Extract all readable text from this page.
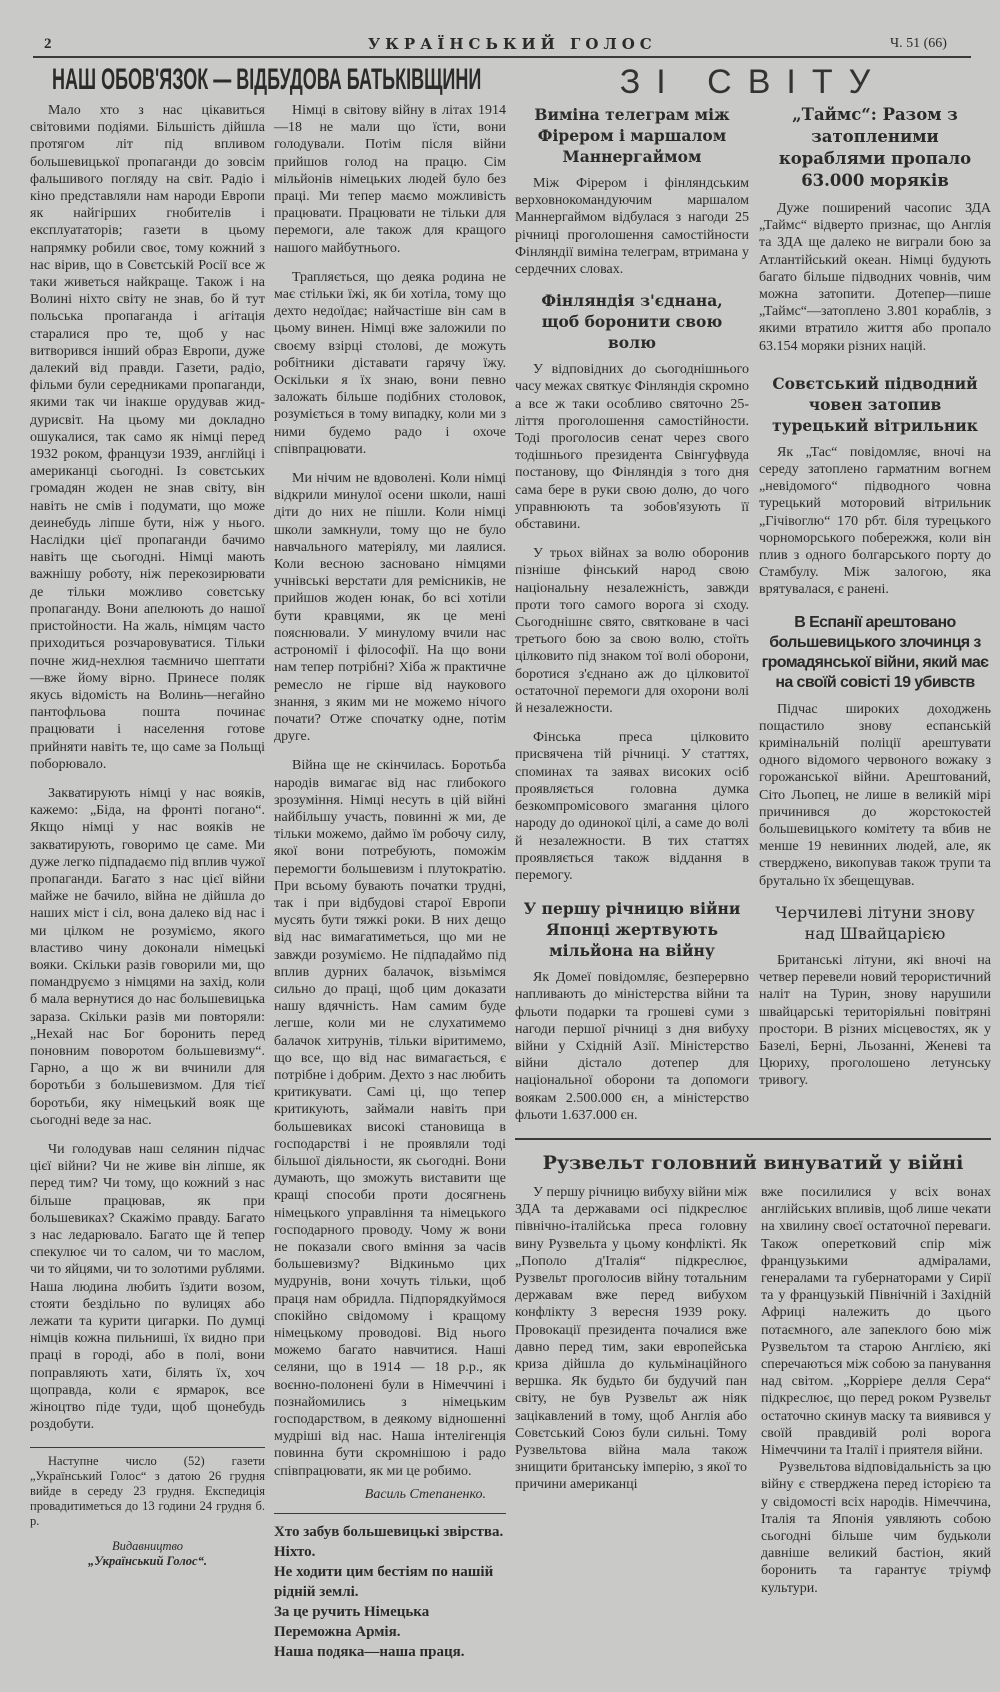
2	УКРАЇНСЬКИЙ ГОЛОС	Ч. 51 (66)
НАШ ОБОВ'ЯЗОК — ВІДБУДОВА БАТЬКІВЩИНИ

Мало хто з нас цікавиться світовими подіями. Більшість дійшла протягом літ під впливом большевицької пропаганди до зовсім фальшивого погляду на світ. Радіо і кіно представляли нам народи Европи як найгірших гнобителів і експлуататорів; газети в цьому напрямку робили своє, тому кожний з нас вірив, що в Совєтській Росії все ж таки живеться найкраще. Також і на Волині ніхто світу не знав, бо й тут польська пропаганда і агітація старалися про те, щоб у нас витворився інший образ Европи, дуже далекий від правди. Газети, радіо, фільми були середниками пропаганди, якими так чи інакше орудував жид-дурисвіт. На цьому ми докладно ошукалися, так само як німці перед 1932 роком, французи 1939, англійці і американці сьогодні. Із совєтських громадян жоден не знав світу, він навіть не смів і подумати, що може деинебудь ліпше бути, ніж у нього. Наслідки цієї пропаганди бачимо навіть ще сьогодні. Німці мають важнішу роботу, ніж перекозирювати де тільки можливо совєтську пропаганду. Вони апелюють до нашої пристойности. На жаль, німцям часто приходиться розчаровуватися. Тільки почне жид-нехлюя таємничо шептати—вже йому вірно. Принесе поляк якусь відомість на Волинь—негайно пантофльова пошта починає працювати і населення готове прийняти навіть те, що саме за Польщі поборювало.

Закватирують німці у нас вояків, кажемо: „Біда, на фронті погано“. Якщо німці у нас вояків не закватирують, говоримо це саме. Ми дуже легко підпадаємо під вплив чужої пропаганди. Багато з нас цієї війни майже не бачило, війна не дійшла до наших міст і сіл, вона далеко від нас і ми цілком не розуміємо, якого властиво чину доконали німецькі вояки. Скільки разів говорили ми, що помандруємо з німцями на захід, коли б мала вернутися до нас большевицька зараза. Скільки разів ми повторяли: „Нехай нас Бог боронить перед поновним поворотом большевизму“. Гарно, а що ж ви вчинили для боротьби з большевизмом. Для тієї боротьби, яку німецький вояк ще сьогодні веде за нас.

Чи голодував наш селянин підчас цієї війни? Чи не живе він ліпше, як перед тим? Чи тому, що кожний з нас більше працював, як при большевиках? Скажімо правду. Багато з нас ледарювало. Багато ще й тепер спекулює чи то салом, чи то маслом, чи то яйцями, чи то золотими рублями. Наша людина любить їздити возом, стояти бездільно по вулицях або лежати та курити цигарки. По думці німців кожна пильниші, їх видно при праці в городі, або в полі, вони поправляють хати, білять їх, хоч щоправда, коли є ярмарок, все жіноцтво піде туди, щоб щонебудь роздобути.

Наступне число (52) газети „Український Голос“ з датою 26 грудня вийде в середу 23 грудня. Експедиція провадитиметься до 13 години 24 грудня б. р.
Видавництво
„Український Голос“.

Німці в світову війну в літах 1914—18 не мали що їсти, вони голодували. Потім після війни прийшов голод на працю. Сім мільйонів німецьких людей було без праці. Ми тепер маємо можливість працювати. Працювати не тільки для перемоги, але також для кращого нашого майбутнього.

Трапляється, що деяка родина не має стільки їжі, як би хотіла, тому що дехто недоїдає; найчастіше він сам в цьому винен. Німці вже заложили по своєму взірці столові, де можуть робітники діставати гарячу їжу. Оскільки я їх знаю, вони певно заложать більше подібних столовок, розуміється в тому випадку, коли ми з ними будемо радо і охоче співпрацювати.

Ми нічим не вдоволені. Коли німці відкрили минулої осени школи, наші діти до них не пішли. Коли німці школи замкнули, тому що не було навчального матеріялу, ми лаялися. Коли весною засновано німцями учнівські верстати для ремісників, не прийшов жоден юнак, бо всі хотіли бути кравцями, як це мені пояснювали. У минулому вчили нас астрономії і філософії. На що вони нам тепер потрібні? Хіба ж практичне ремесло не гірше від наукового знання, з яким ми не можемо нічого почати? Отже спочатку одне, потім друге.

Війна ще не скінчилась. Боротьба народів вимагає від нас глибокого зрозуміння. Німці несуть в цій війні найбільшу участь, повинні ж ми, де тільки можемо, даймо їм робочу силу, якої вони потребують, поможім перемогти большевизм і плутократію. При всьому бувають початки трудні, так і при відбудові старої Европи мусять бути тяжкі роки. В них дещо від нас вимагатиметься, що ми не завжди розуміємо. Не підпадаймо під вплив дурних балачок, візьмімся сильно до праці, щоб цим доказати нашу вдячність. Нам самим буде легше, коли ми не слухатимемо балачок хитрунів, тільки віритимемо, що все, що від нас вимагається, є потрібне і добрим. Дехто з нас любить критикувати. Самі ці, що тепер критикують, займали навіть при большевиках високі становища в господарстві і не проявляли тоді більшої діяльности, як сьогодні. Вони думають, що зможуть виставити ще кращі способи проти досягнень німецького управління та німецького господарного проводу. Чому ж вони не показали свого вміння за часів большевизму? Відкиньмо цих мудрунів, вони хочуть тільки, щоб праця нам обридла. Підпорядкуймося спокійно свідомому і кращому німецькому проводові. Від нього можемо багато навчитися. Наші селяни, що в 1914 — 18 р.р., як воєнно-полонені були в Німеччині і познайомились з німецьким господарством, в деякому відношенні мудріші від нас. Наша інтелігенція повинна бути скромнішою і радо співпрацювати, як ми це робимо.

Василь Степаненко.
Хто забув большевицькі звірства. Ніхто.
Не ходити цим бестіям по нашій рідній землі.
За це ручить Німецька Переможна Армія.
Наша подяка—наша праця.
ЗІ СВІТУ
Виміна телеграм між Фірером і маршалом Маннергаймом

Між Фірером і фінляндським верховнокомандуючим маршалом Маннергаймом відбулася з нагоди 25 річниці проголошення самостійности Фінляндії виміна телеграм, втримана у сердечних словах.

Фінляндія з'єднана, щоб боронити свою волю

У відповідних до сьогоднішнього часу межах святкує Фінляндія скромно а все ж таки особливо святочно 25-ліття проголошення самостійности. Тоді проголосив сенат через свого тодішнього президента Свінгуфвуда постанову, що Фінляндія з того дня сама бере в руки свою долю, до чого управнюють та зобов'язують її обставини.

У трьох війнах за волю оборонив пізніше фінський народ свою національну незалежність, завжди проти того самого ворога зі сходу. Сьогоднішнє свято, святковане в часі третього бою за свою волю, стоїть цілковито під знаком тої волі оборони, боротися з'єднано аж до цілковитої остаточної перемоги для охорони волі й незалежности.

Фінська преса цілковито присвячена тій річниці. У статтях, споминах та заявах високих осіб проявляється головна думка безкомпромісового змагання цілого народу до одинокої цілі, а саме до волі й незалежности. В тих статтях проявляється також віддання в перемогу.

У першу річницю війни Японці жертвують мільйона на війну

Як Домеї повідомляє, безперервно напливають до міністерства війни та фльоти подарки та грошеві суми з нагоди першої річниці з дня вибуху війни у Східній Азії. Міністерство війни дістало дотепер для національної оборони та допомоги воякам 2.500.000 єн, а міністерство фльоти 1.637.000 єн.

„Таймс“: Разом з затопленими кораблями пропало 63.000 моряків

Дуже поширений часопис ЗДА „Таймс“ відверто признає, що Англія та ЗДА ще далеко не виграли бою за Атлантійський океан. Німці будують багато більше підводних човнів, чим можна затопити. Дотепер—пише „Таймс“—затоплено 3.801 кораблів, з якими втратило життя або пропало 63.154 моряки різних націй.

Совєтський підводний човен затопив турецький вітрильник

Як „Тас“ повідомляє, вночі на середу затоплено гарматним вогнем „невідомого“ підводного човна турецький моторовий вітрильник „Гічівоглю“ 170 рбт. біля турецького чорноморського побережжя, коли він плив з одного болгарського порту до Стамбулу. Між залогою, яка врятувалася, є ранені.

В Еспанії арештовано большевицького злочинця з громадянської війни, який має на своїй совісті 19 убивств

Підчас широких доходжень пощастило знову еспанській кримінальній поліції арештувати одного відомого червоного вожаку з горожанської війни. Арештований, Сіто Льопец, не лише в великій мірі причинився до жорстокостей большевицького комітету та вбив не менше 19 невинних людей, але, як стверджено, викопував також трупи та брутально їх збещещував.

Черчилеві літуни знову над Швайцарією

Британські літуни, які вночі на четвер перевели новий терористичний наліт на Турин, знову нарушили швайцарські територіяльні повітряні простори. В різних місцевостях, як у Базелі, Берні, Льозанні, Женеві та Цюриху, проголошено летунську тривогу.

Рузвельт головний винуватий у війні

У першу річницю вибуху війни між ЗДА та державами осі підкреслює північно-італійська преса головну вину Рузвельта у цьому конфлікті. Як „Пополо д'Італія“ підкреслює, Рузвельт проголосив війну тотальним державам вже перед вибухом конфлікту 3 вересня 1939 року. Провокації президента почалися вже давно перед тим, заки европейська криза дійшла до кульмінаційного вершка. Як будьто би будучий пан світу, не був Рузвельт аж ніяк зацікавлений в тому, щоб Англія або Совєтський Союз були сильні. Тому Рузвельтова війна мала також знищити британську імперію, з якої то причини американці

вже посилилися у всіх вонах англійських впливів, щоб лише чекати на хвилину своєї остаточної переваги. Також оперетковий спір між французькими адміралами, генералами та губернаторами у Сирії та у французькій Північній і Західній Африці належить до цього потаємного, але запеклого бою між Рузвельтом та старою Англією, які сперечаються між собою за панування над світом. „Корріере делля Сера“ підкреслює, що перед роком Рузвельт остаточно скинув маску та виявився у своїй правдивій ролі ворога Німеччини та Італії і приятеля війни.

Рузвельтова відповідальність за цю війну є стверджена перед історією та у свідомості всіх народів. Німеччина, Італія та Японія уявляють собою сьогодні більше чим будьколи давніше великий бастіон, який боронить та гарантує тріумф культури.
